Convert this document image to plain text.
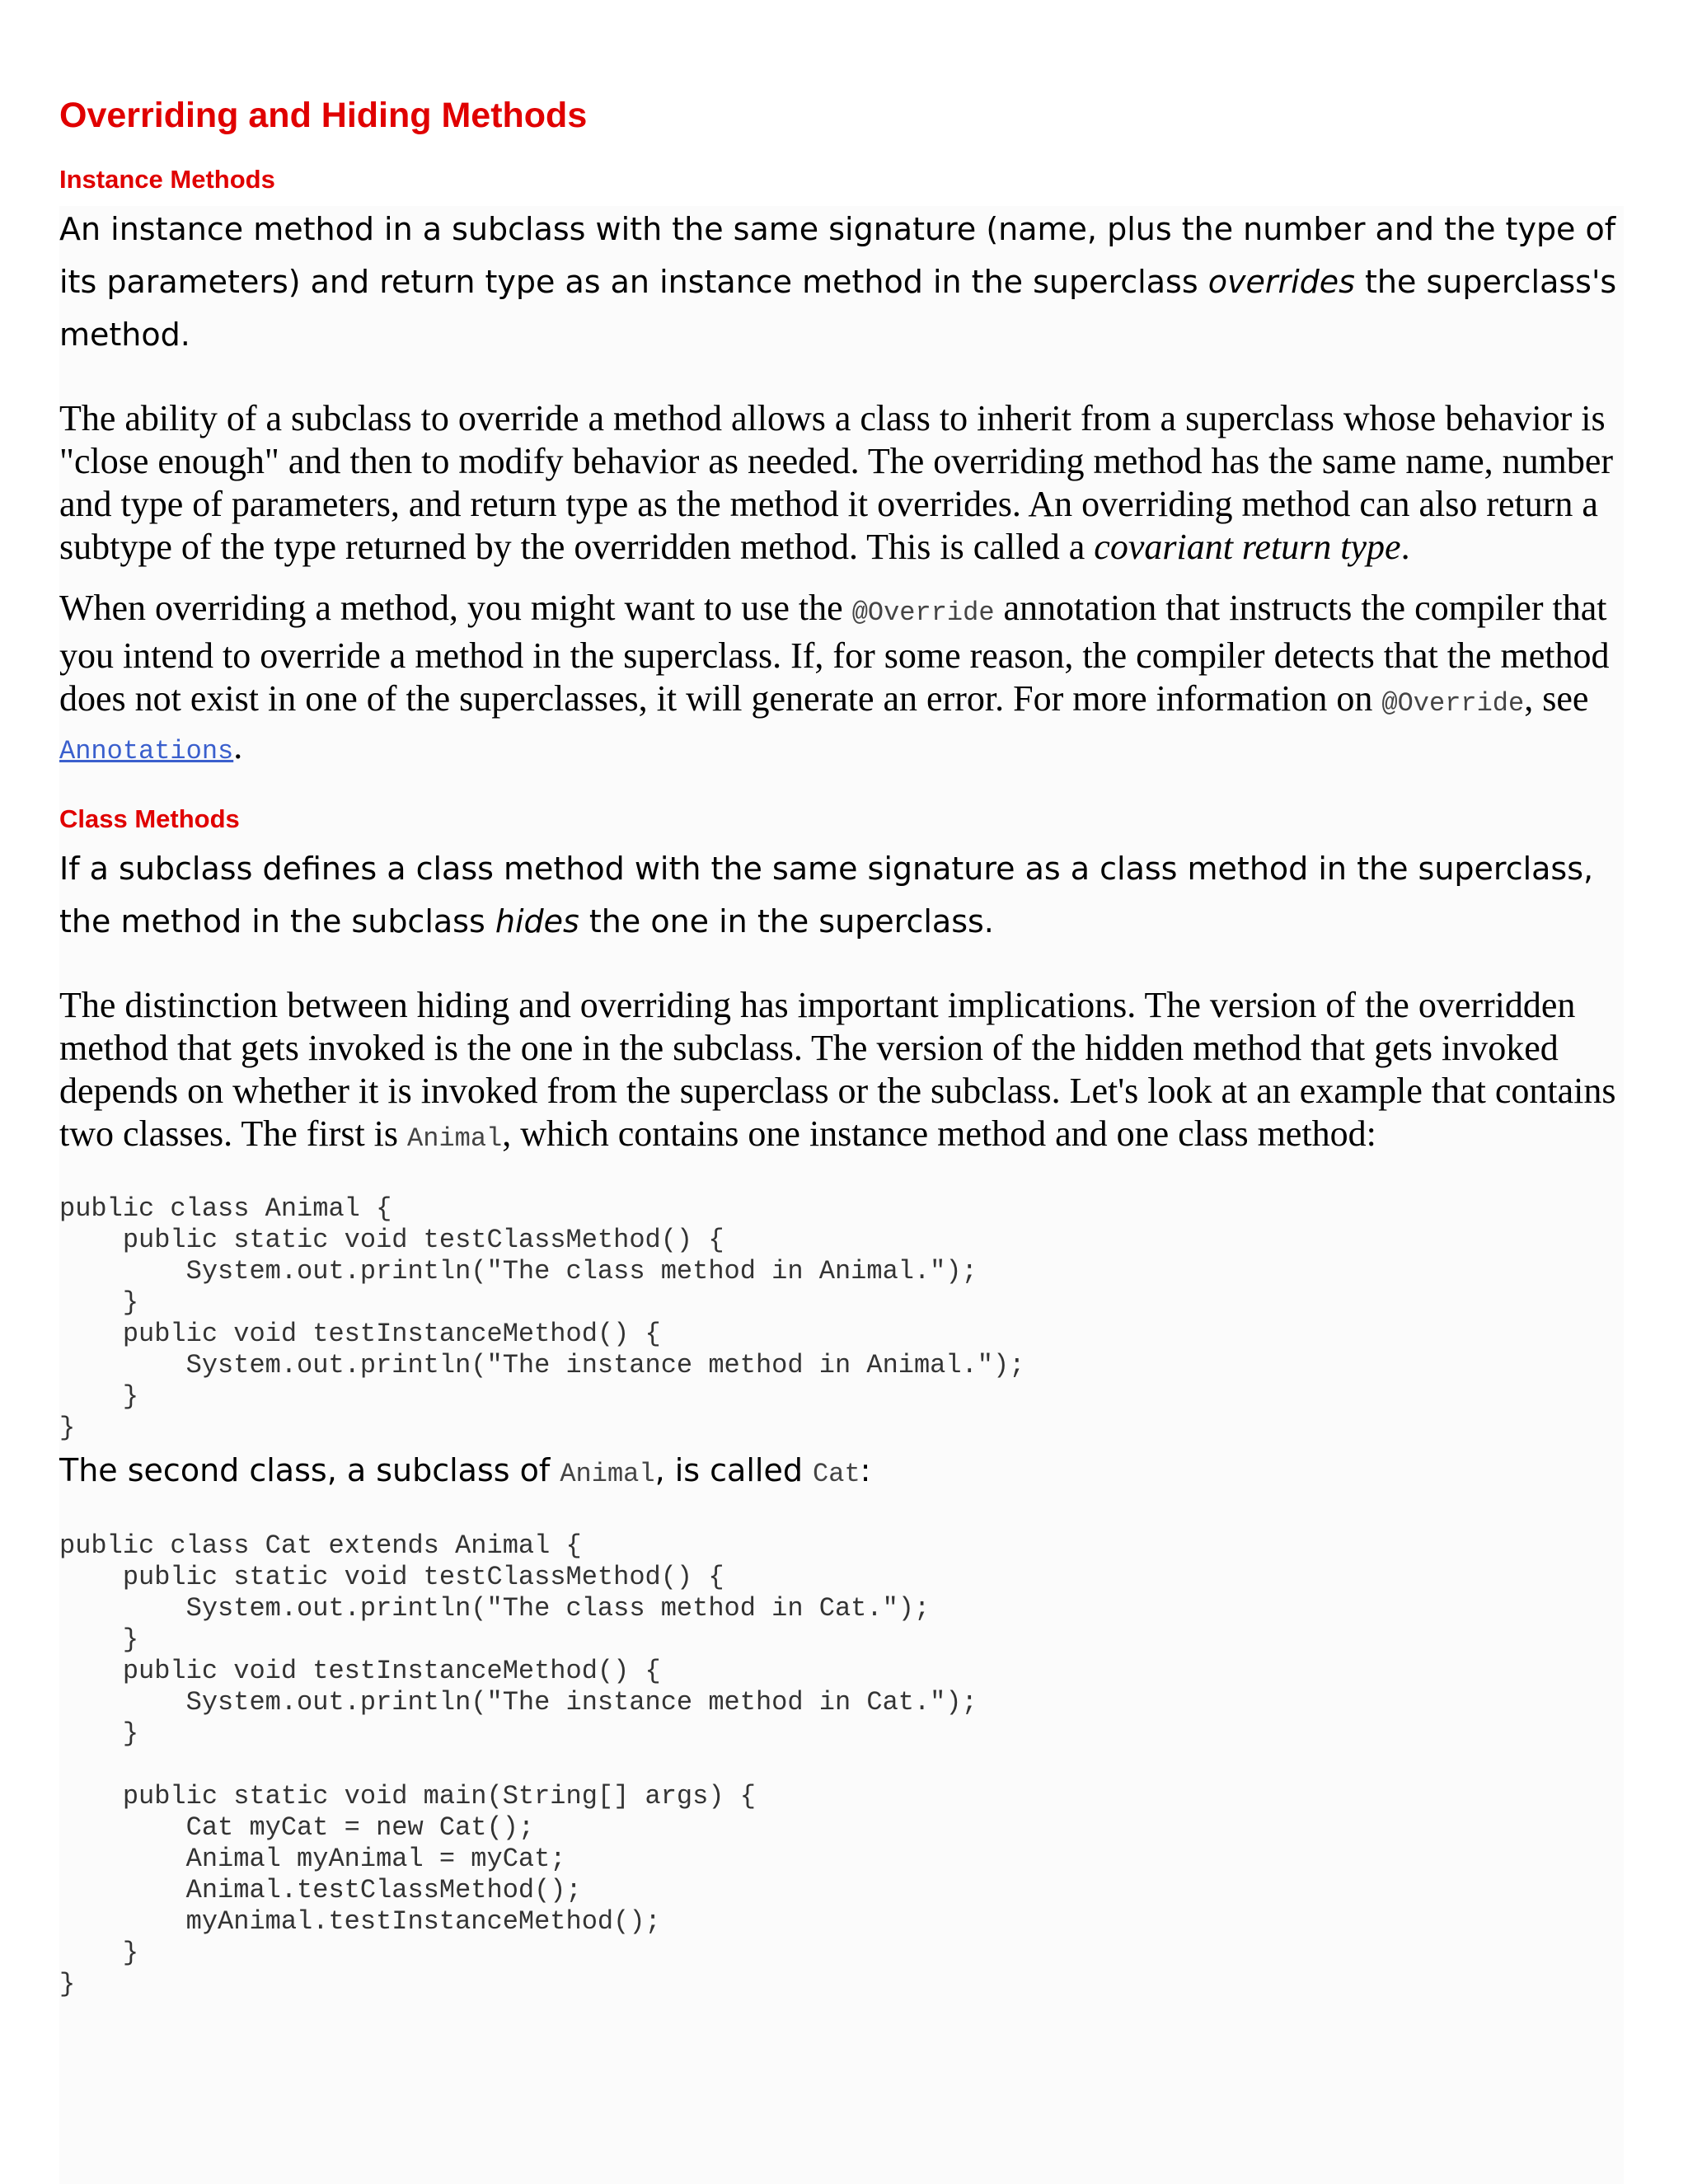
Overriding and Hiding Methods
Instance Methods

An instance method in a subclass with the same signature (name, plus the number and the type of its parameters) and return type as an instance method in the superclass overrides the superclass's method.

The ability of a subclass to override a method allows a class to inherit from a superclass whose behavior is "close enough" and then to modify behavior as needed. The overriding method has the same name, number and type of parameters, and return type as the method it overrides. An overriding method can also return a subtype of the type returned by the overridden method. This is called a covariant return type.

When overriding a method, you might want to use the @Override annotation that instructs the compiler that you intend to override a method in the superclass. If, for some reason, the compiler detects that the method does not exist in one of the superclasses, it will generate an error. For more information on @Override, see Annotations.

Class Methods

If a subclass defines a class method with the same signature as a class method in the superclass, the method in the subclass hides the one in the superclass.

The distinction between hiding and overriding has important implications. The version of the overridden method that gets invoked is the one in the subclass. The version of the hidden method that gets invoked depends on whether it is invoked from the superclass or the subclass. Let's look at an example that contains two classes. The first is Animal, which contains one instance method and one class method:

public class Animal {
public static void testClassMethod() {
System.out.println("The class method in Animal.");
}
public void testInstanceMethod() {
System.out.println("The instance method in Animal.");
}
}

The second class, a subclass of Animal, is called Cat:

public class Cat extends Animal {
public static void testClassMethod() {
System.out.println("The class method in Cat.");
}
public void testInstanceMethod() {
System.out.println("The instance method in Cat.");
}

public static void main(String[] args) {
Cat myCat = new Cat();
Animal myAnimal = myCat;
Animal.testClassMethod();
myAnimal.testInstanceMethod();
}
}
